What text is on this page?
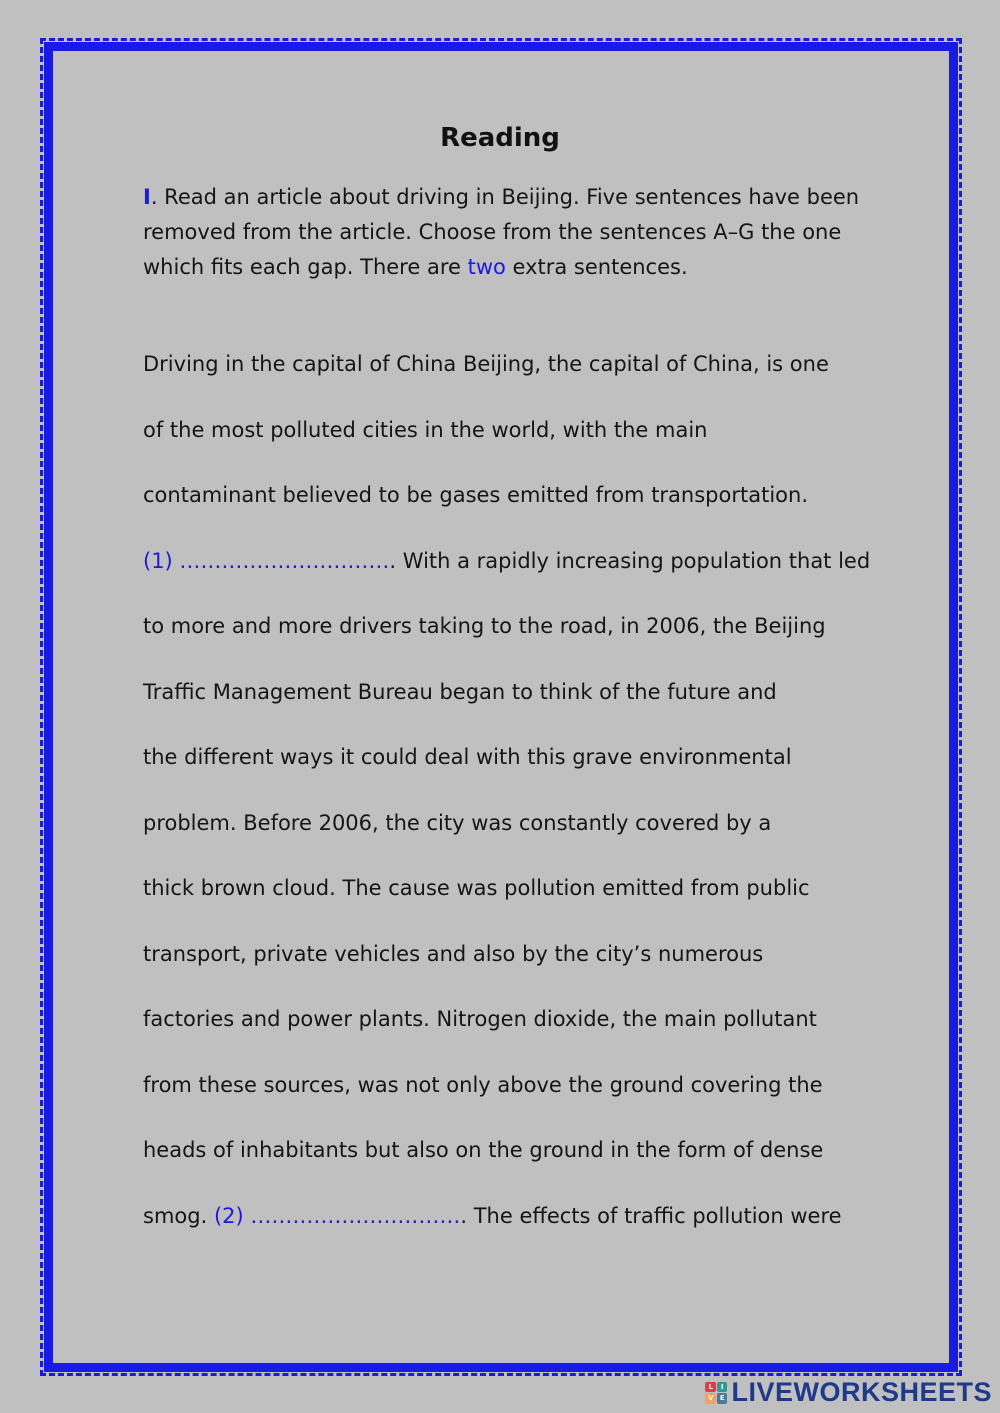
Reading

I. Read an article about driving in Beijing. Five sentences have been removed from the article. Choose from the sentences A–G the one which fits each gap. There are two extra sentences.

Driving in the capital of China Beijing, the capital of China, is one
of the most polluted cities in the world, with the main
contaminant believed to be gases emitted from transportation.
(1) …………………………. With a rapidly increasing population that led
to more and more drivers taking to the road, in 2006, the Beijing
Traffic Management Bureau began to think of the future and
the different ways it could deal with this grave environmental
problem. Before 2006, the city was constantly covered by a
thick brown cloud. The cause was pollution emitted from public
transport, private vehicles and also by the city’s numerous
factories and power plants. Nitrogen dioxide, the main pollutant
from these sources, was not only above the ground covering the
heads of inhabitants but also on the ground in the form of dense
smog. (2) …………………………. The effects of traffic pollution were
L	I
V E LIVEWORKSHEETS
